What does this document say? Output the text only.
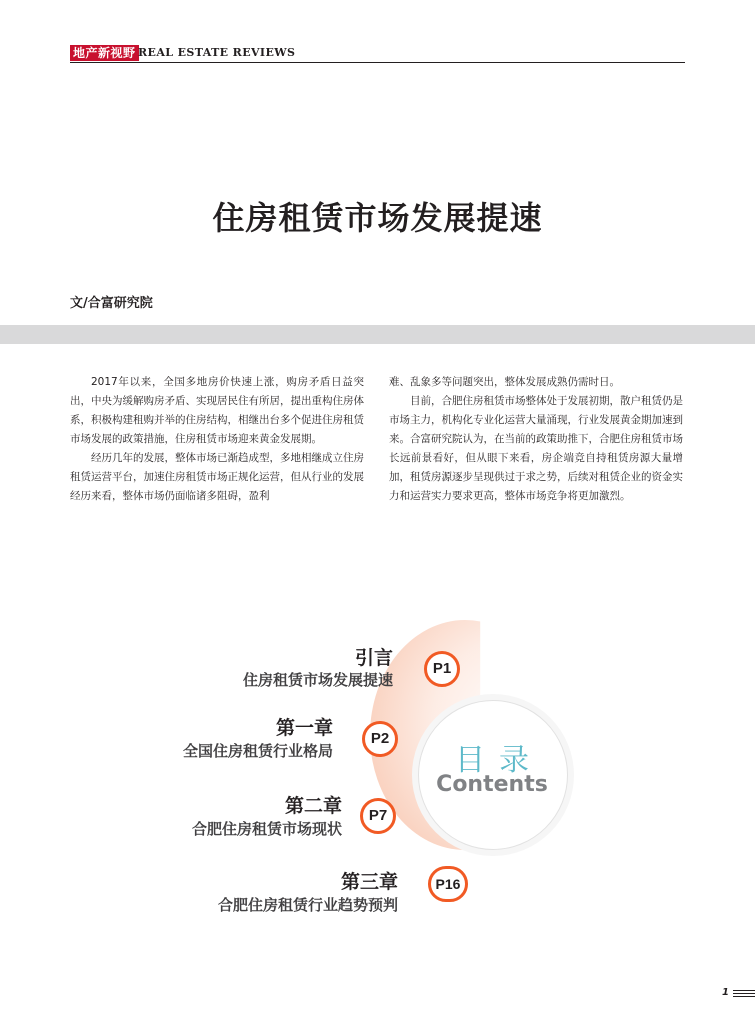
地产新视野 REAL ESTATE REVIEWS
住房租赁市场发展提速
文/合富研究院

2017年以来，全国多地房价快速上涨，购房矛盾日益突出，中央为缓解购房矛盾、实现居民住有所居，提出重构住房体系，积极构建租购并举的住房结构，相继出台多个促进住房租赁市场发展的政策措施，住房租赁市场迎来黄金发展期。

经历几年的发展，整体市场已渐趋成型，多地相继成立住房租赁运营平台，加速住房租赁市场正规化运营，但从行业的发展经历来看，整体市场仍面临诸多阻碍，盈利

难、乱象多等问题突出，整体发展成熟仍需时日。

目前，合肥住房租赁市场整体处于发展初期，散户租赁仍是市场主力，机构化专业化运营大量涌现，行业发展黄金期加速到来。合富研究院认为，在当前的政策助推下，合肥住房租赁市场长远前景看好，但从眼下来看，房企端竞自持租赁房源大量增加，租赁房源逐步呈现供过于求之势，后续对租赁企业的资金实力和运营实力要求更高，整体市场竞争将更加激烈。

目录
Contents
引言
住房租赁市场发展提速
P1
第一章
全国住房租赁行业格局
P2
第二章
合肥住房租赁市场现状
P7
第三章
合肥住房租赁行业趋势预判
P16
1
